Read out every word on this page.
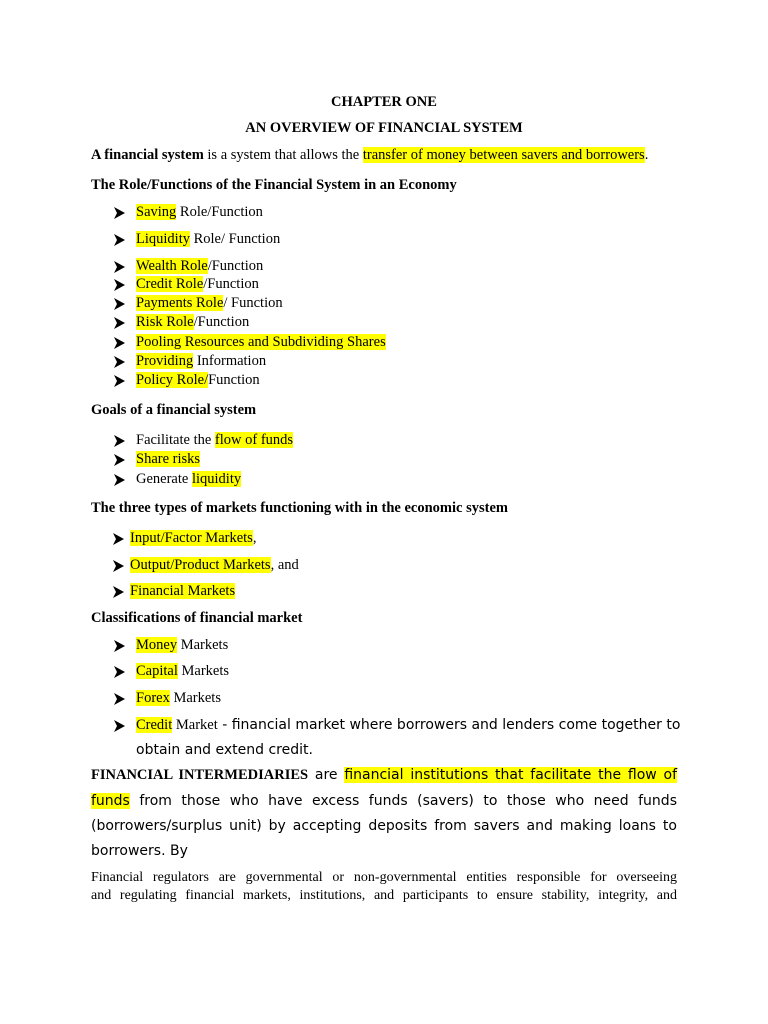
CHAPTER ONE
AN OVERVIEW OF FINANCIAL SYSTEM
A financial system is a system that allows the transfer of money between savers and borrowers.
The Role/Functions of the Financial System in an Economy
Saving Role/Function
Liquidity Role/ Function
Wealth Role/Function
Credit Role/Function
Payments Role/ Function
Risk Role/Function
Pooling Resources and Subdividing Shares
Providing Information
Policy Role/Function
Goals of a financial system
Facilitate the flow of funds
Share risks
Generate liquidity
The three types of markets functioning with in the economic system
Input/Factor Markets,
Output/Product Markets, and
Financial Markets
Classifications of financial market
Money Markets
Capital Markets
Forex Markets
Credit Market - financial market where borrowers and lenders come together to
obtain and extend credit.
FINANCIAL INTERMEDIARIES are financial institutions that facilitate the flow of
funds from those who have excess funds (savers) to those who need funds
(borrowers/surplus unit) by accepting deposits from savers and making loans to
borrowers. By
Financial regulators are governmental or non-governmental entities responsible for overseeing
and regulating financial markets, institutions, and participants to ensure stability, integrity, and
